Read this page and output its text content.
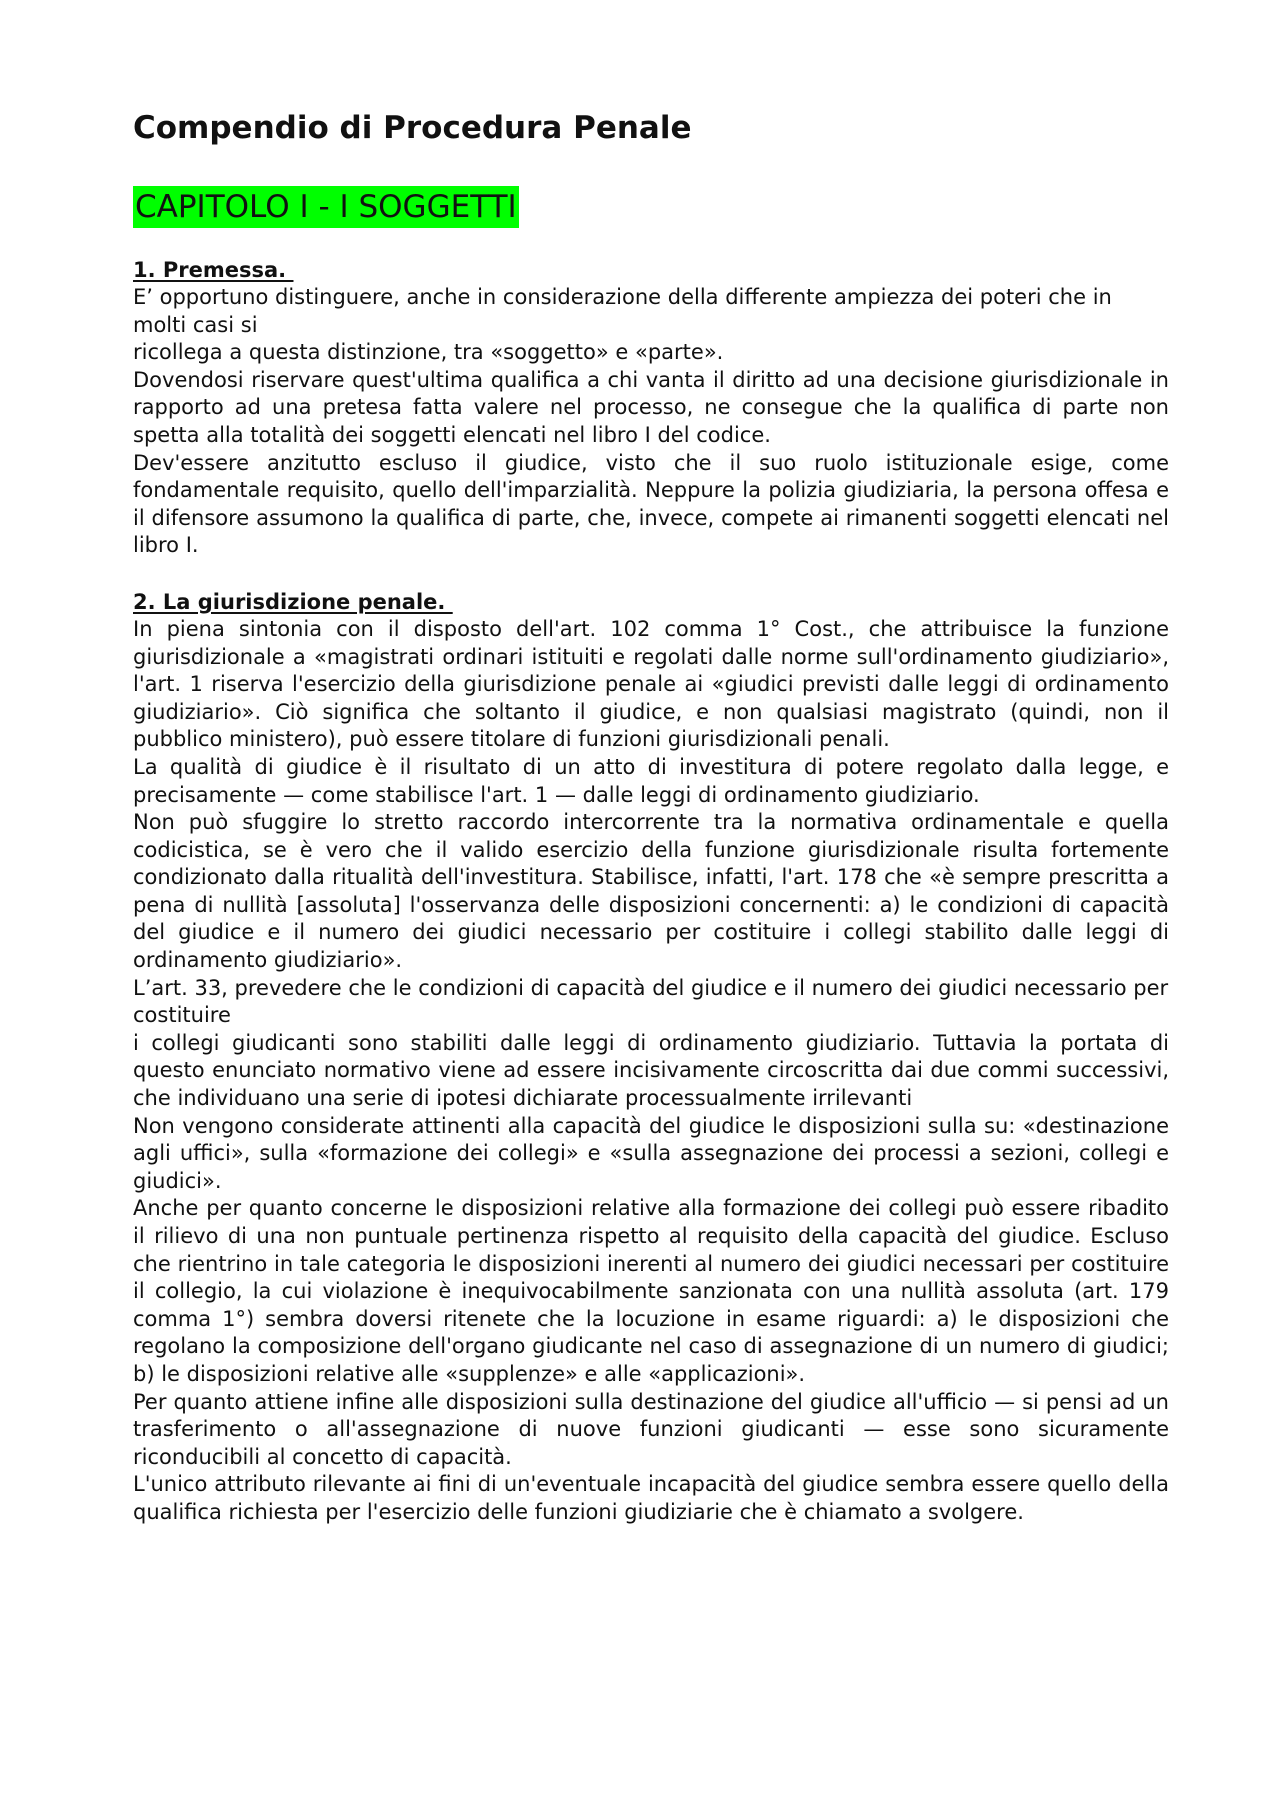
Compendio di Procedura Penale
CAPITOLO I - I SOGGETTI
1. Premessa.

E’ opportuno distinguere, anche in considerazione della differente ampiezza dei poteri che in molti casi si

ricollega a questa distinzione, tra «soggetto» e «parte».

Dovendosi riservare quest'ultima qualifica a chi vanta il diritto ad una decisione giurisdizionale in rapporto ad una pretesa fatta valere nel processo, ne consegue che la qualifica di parte non spetta alla totalità dei soggetti elencati nel libro I del codice.

Dev'essere anzitutto escluso il giudice, visto che il suo ruolo istituzionale esige, come fondamentale requisito, quello dell'imparzialità. Neppure la polizia giudiziaria, la persona offesa e il difensore assumono la qualifica di parte, che, invece, compete ai rimanenti soggetti elencati nel libro I.

2. La giurisdizione penale.

In piena sintonia con il disposto dell'art. 102 comma 1° Cost., che attribuisce la funzione giurisdizionale a «magistrati ordinari istituiti e regolati dalle norme sull'ordinamento giudiziario», l'art. 1 riserva l'esercizio della giurisdizione penale ai «giudici previsti dalle leggi di ordinamento giudiziario». Ciò significa che soltanto il giudice, e non qualsiasi magistrato (quindi, non il pubblico ministero), può essere titolare di funzioni giurisdizionali penali.

La qualità di giudice è il risultato di un atto di investitura di potere regolato dalla legge, e precisamente — come stabilisce l'art. 1 — dalle leggi di ordinamento giudiziario.

Non può sfuggire lo stretto raccordo intercorrente tra la normativa ordinamentale e quella codicistica, se è vero che il valido esercizio della funzione giurisdizionale risulta fortemente condizionato dalla ritualità dell'investitura. Stabilisce, infatti, l'art. 178 che «è sempre prescritta a pena di nullità [assoluta] l'osservanza delle disposizioni concernenti: a) le condizioni di capacità del giudice e il numero dei giudici necessario per costituire i collegi stabilito dalle leggi di ordinamento giudiziario».

L’art. 33, prevedere che le condizioni di capacità del giudice e il numero dei giudici necessario per costituire

i collegi giudicanti sono stabiliti dalle leggi di ordinamento giudiziario. Tuttavia la portata di questo enunciato normativo viene ad essere incisivamente circoscritta dai due commi successivi, che individuano una serie di ipotesi dichiarate processualmente irrilevanti

Non vengono considerate attinenti alla capacità del giudice le disposizioni sulla su: «destinazione agli uffici», sulla «formazione dei collegi» e «sulla assegnazione dei processi a sezioni, collegi e giudici».

Anche per quanto concerne le disposizioni relative alla formazione dei collegi può essere ribadito il rilievo di una non puntuale pertinenza rispetto al requisito della capacità del giudice. Escluso che rientrino in tale categoria le disposizioni inerenti al numero dei giudici necessari per costituire il collegio, la cui violazione è inequivocabilmente sanzionata con una nullità assoluta (art. 179 comma 1°) sembra doversi ritenete che la locuzione in esame riguardi: a) le disposizioni che regolano la composizione dell'organo giudicante nel caso di assegnazione di un numero di giudici; b) le disposizioni relative alle «supplenze» e alle «applicazioni».

Per quanto attiene infine alle disposizioni sulla destinazione del giudice all'ufficio — si pensi ad un trasferimento o all'assegnazione di nuove funzioni giudicanti — esse sono sicuramente riconducibili al concetto di capacità.

L'unico attributo rilevante ai fini di un'eventuale incapacità del giudice sembra essere quello della qualifica richiesta per l'esercizio delle funzioni giudiziarie che è chiamato a svolgere.
